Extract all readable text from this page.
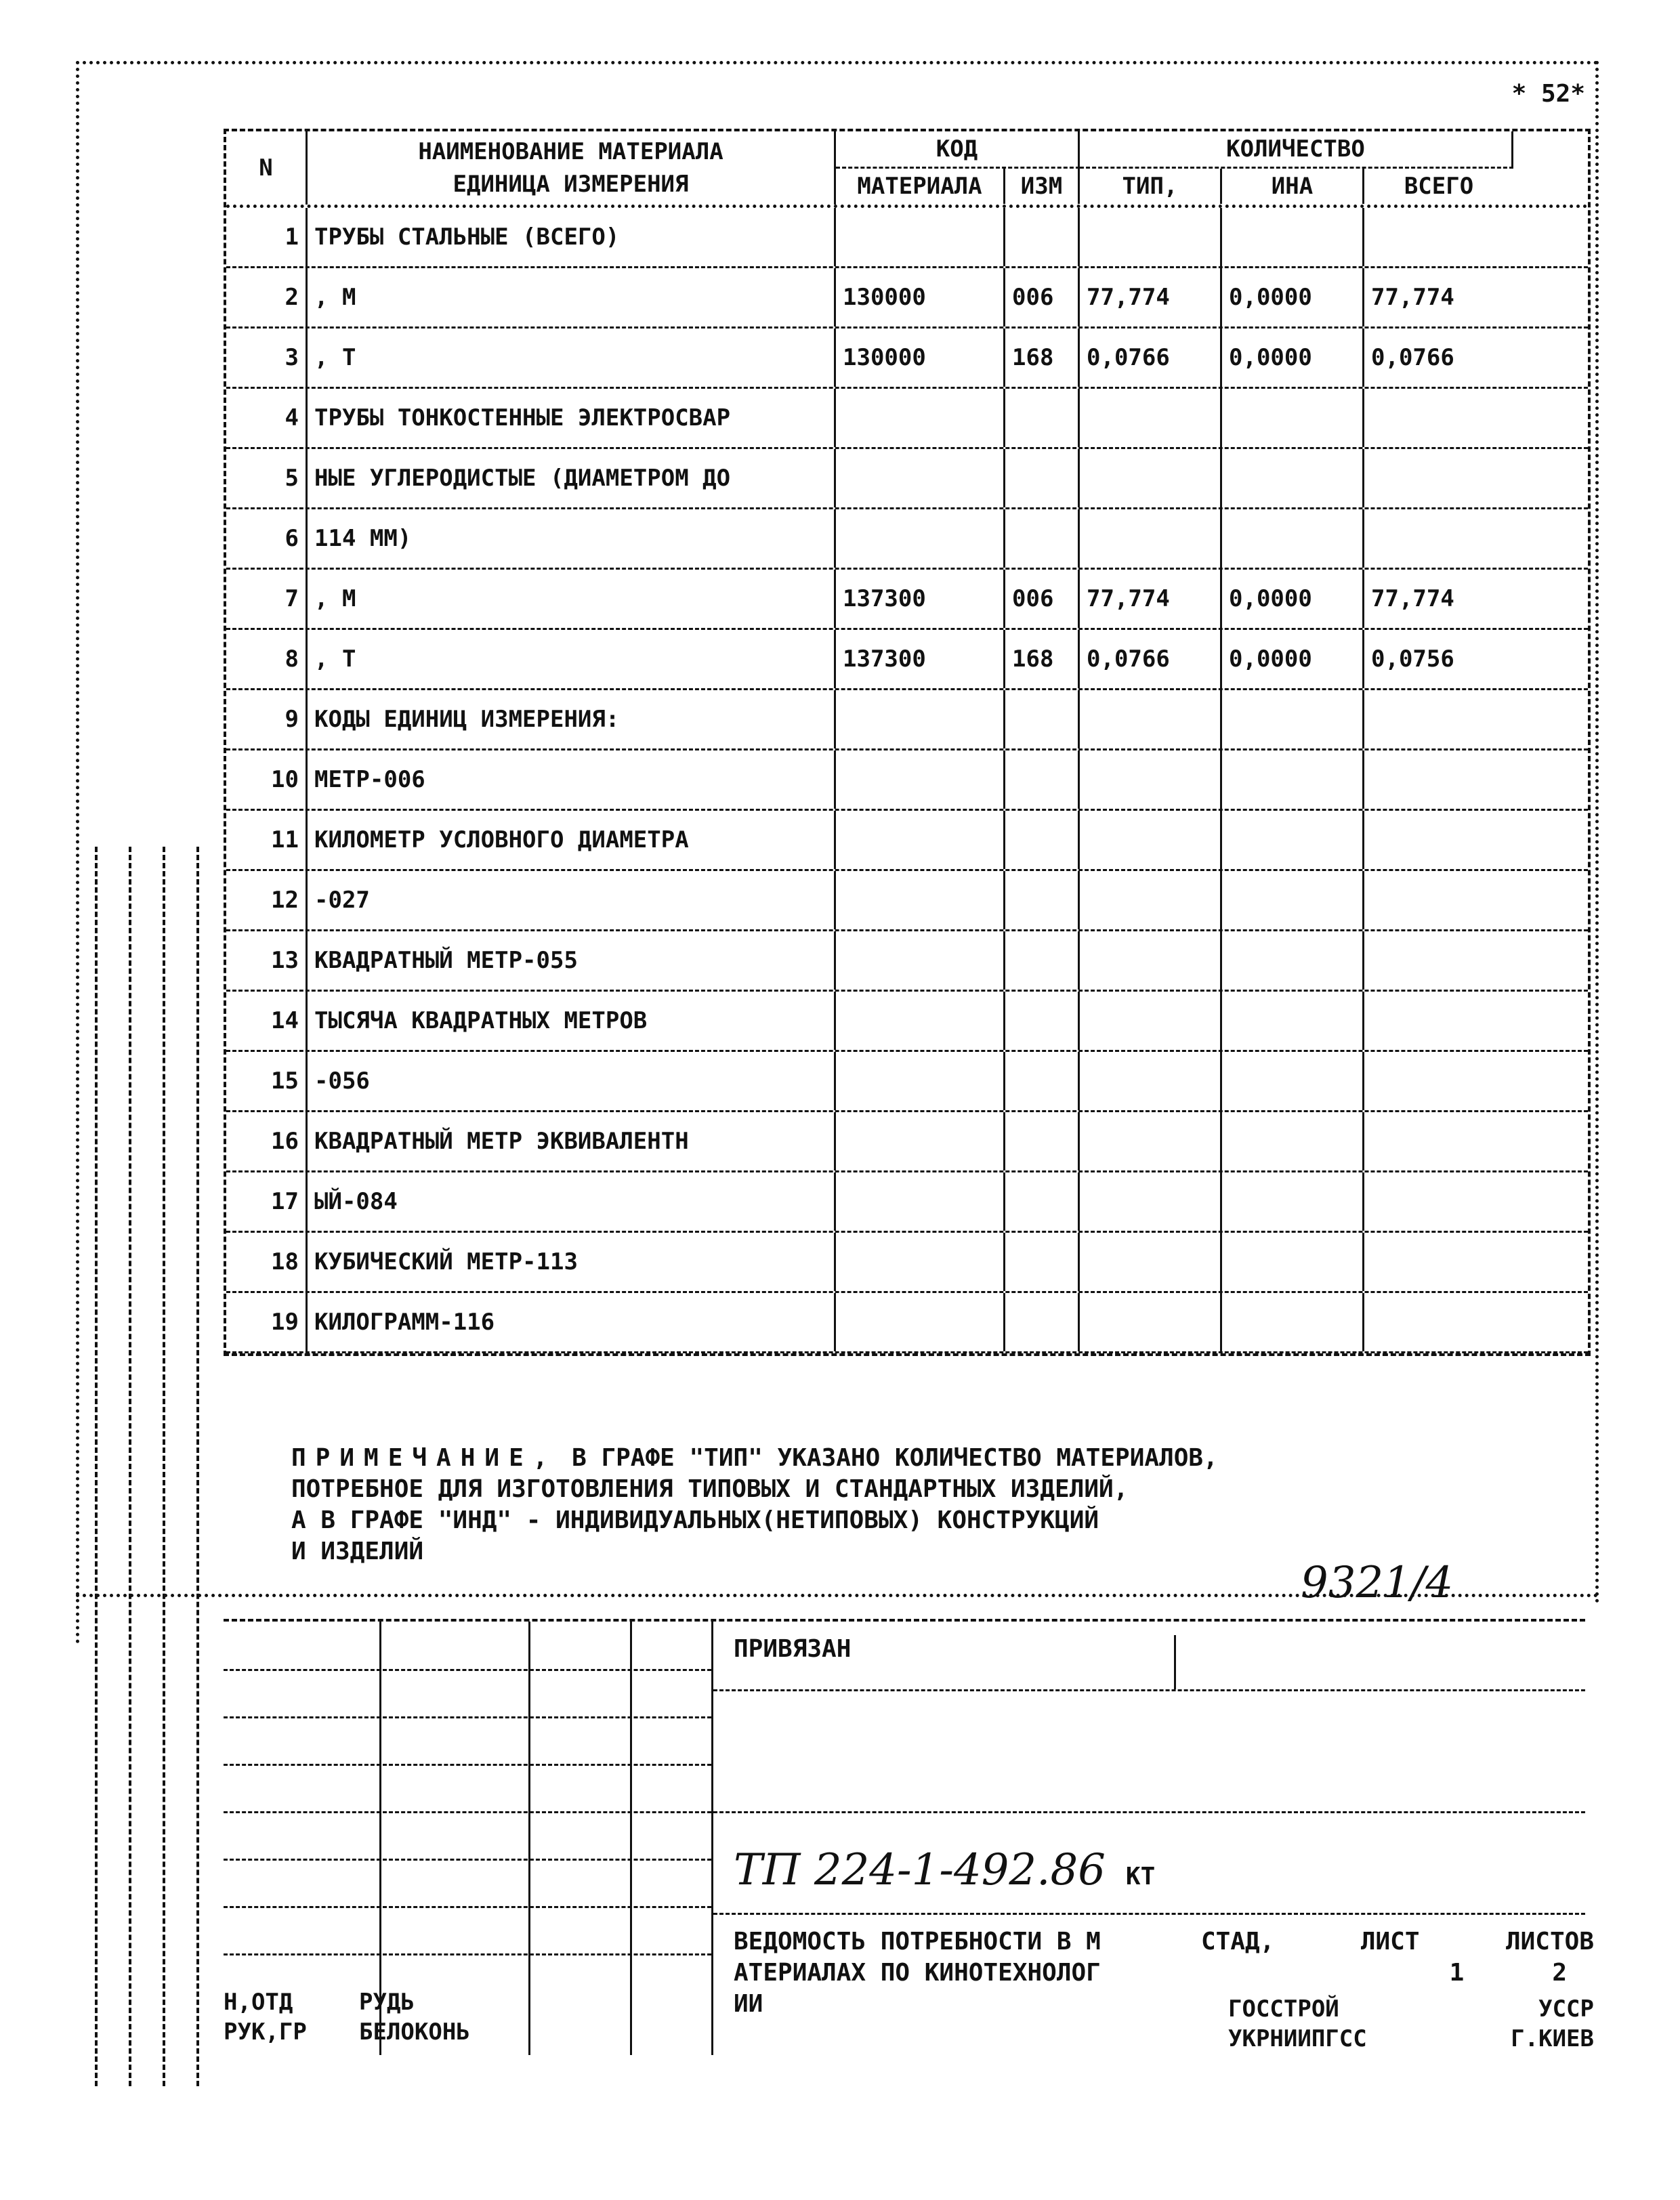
* 52*
N
НАИМЕНОВАНИЕ МАТЕРИАЛА
ЕДИНИЦА ИЗМЕРЕНИЯ
КОД	КОЛИЧЕСТВО
МАТЕРИАЛА	ИЗМ	ТИП,	ИНА	ВСЕГО
1 ТРУБЫ СТАЛЬНЫЕ (ВСЕГО)
2 , М	130000	006	77,774	0,0000	77,774
3 , Т	130000	168	0,0766	0,0000	0,0766
4 ТРУБЫ ТОНКОСТЕННЫЕ ЭЛЕКТРОСВАР
5 НЫЕ УГЛЕРОДИСТЫЕ (ДИАМЕТРОМ ДО
6 114 ММ)
7 , М	137300	006	77,774	0,0000	77,774
8 , Т	137300	168	0,0766	0,0000	0,0756
9 КОДЫ ЕДИНИЦ ИЗМЕРЕНИЯ:
10 МЕТР-006
11 КИЛОМЕТР УСЛОВНОГО ДИАМЕТРА
12 -027
13 КВАДРАТНЫЙ МЕТР-055
14 ТЫСЯЧА КВАДРАТНЫХ МЕТРОВ
15 -056
16 КВАДРАТНЫЙ МЕТР ЭКВИВАЛЕНТН
17 ЫЙ-084
18 КУБИЧЕСКИЙ МЕТР-113
19 КИЛОГРАММ-116
ПРИМЕЧАНИЕ, В ГРАФЕ "ТИП" УКАЗАНО КОЛИЧЕСТВО МАТЕРИАЛОВ,
ПОТРЕБНОЕ ДЛЯ ИЗГОТОВЛЕНИЯ ТИПОВЫХ И СТАНДАРТНЫХ ИЗДЕЛИЙ,
А В ГРАФЕ "ИНД" - ИНДИВИДУАЛЬНЫХ(НЕТИПОВЫХ) КОНСТРУКЦИЙ
И ИЗДЕЛИЙ
9321/4
Н,ОТД	РУДЬ
РУК,ГР	БЕЛОКОНЬ
ПРИВЯЗАН
ТП 224-1-492.86 КТ
ВЕДОМОСТЬ ПОТРЕБНОСТИ В М
АТЕРИАЛАХ ПО КИНОТЕХНОЛОГ
ИИ
СТАД,	ЛИСТ	ЛИСТОВ
1	2
ГОССТРОЙ	УССР
УКРНИИПГСС	Г.КИЕВ
